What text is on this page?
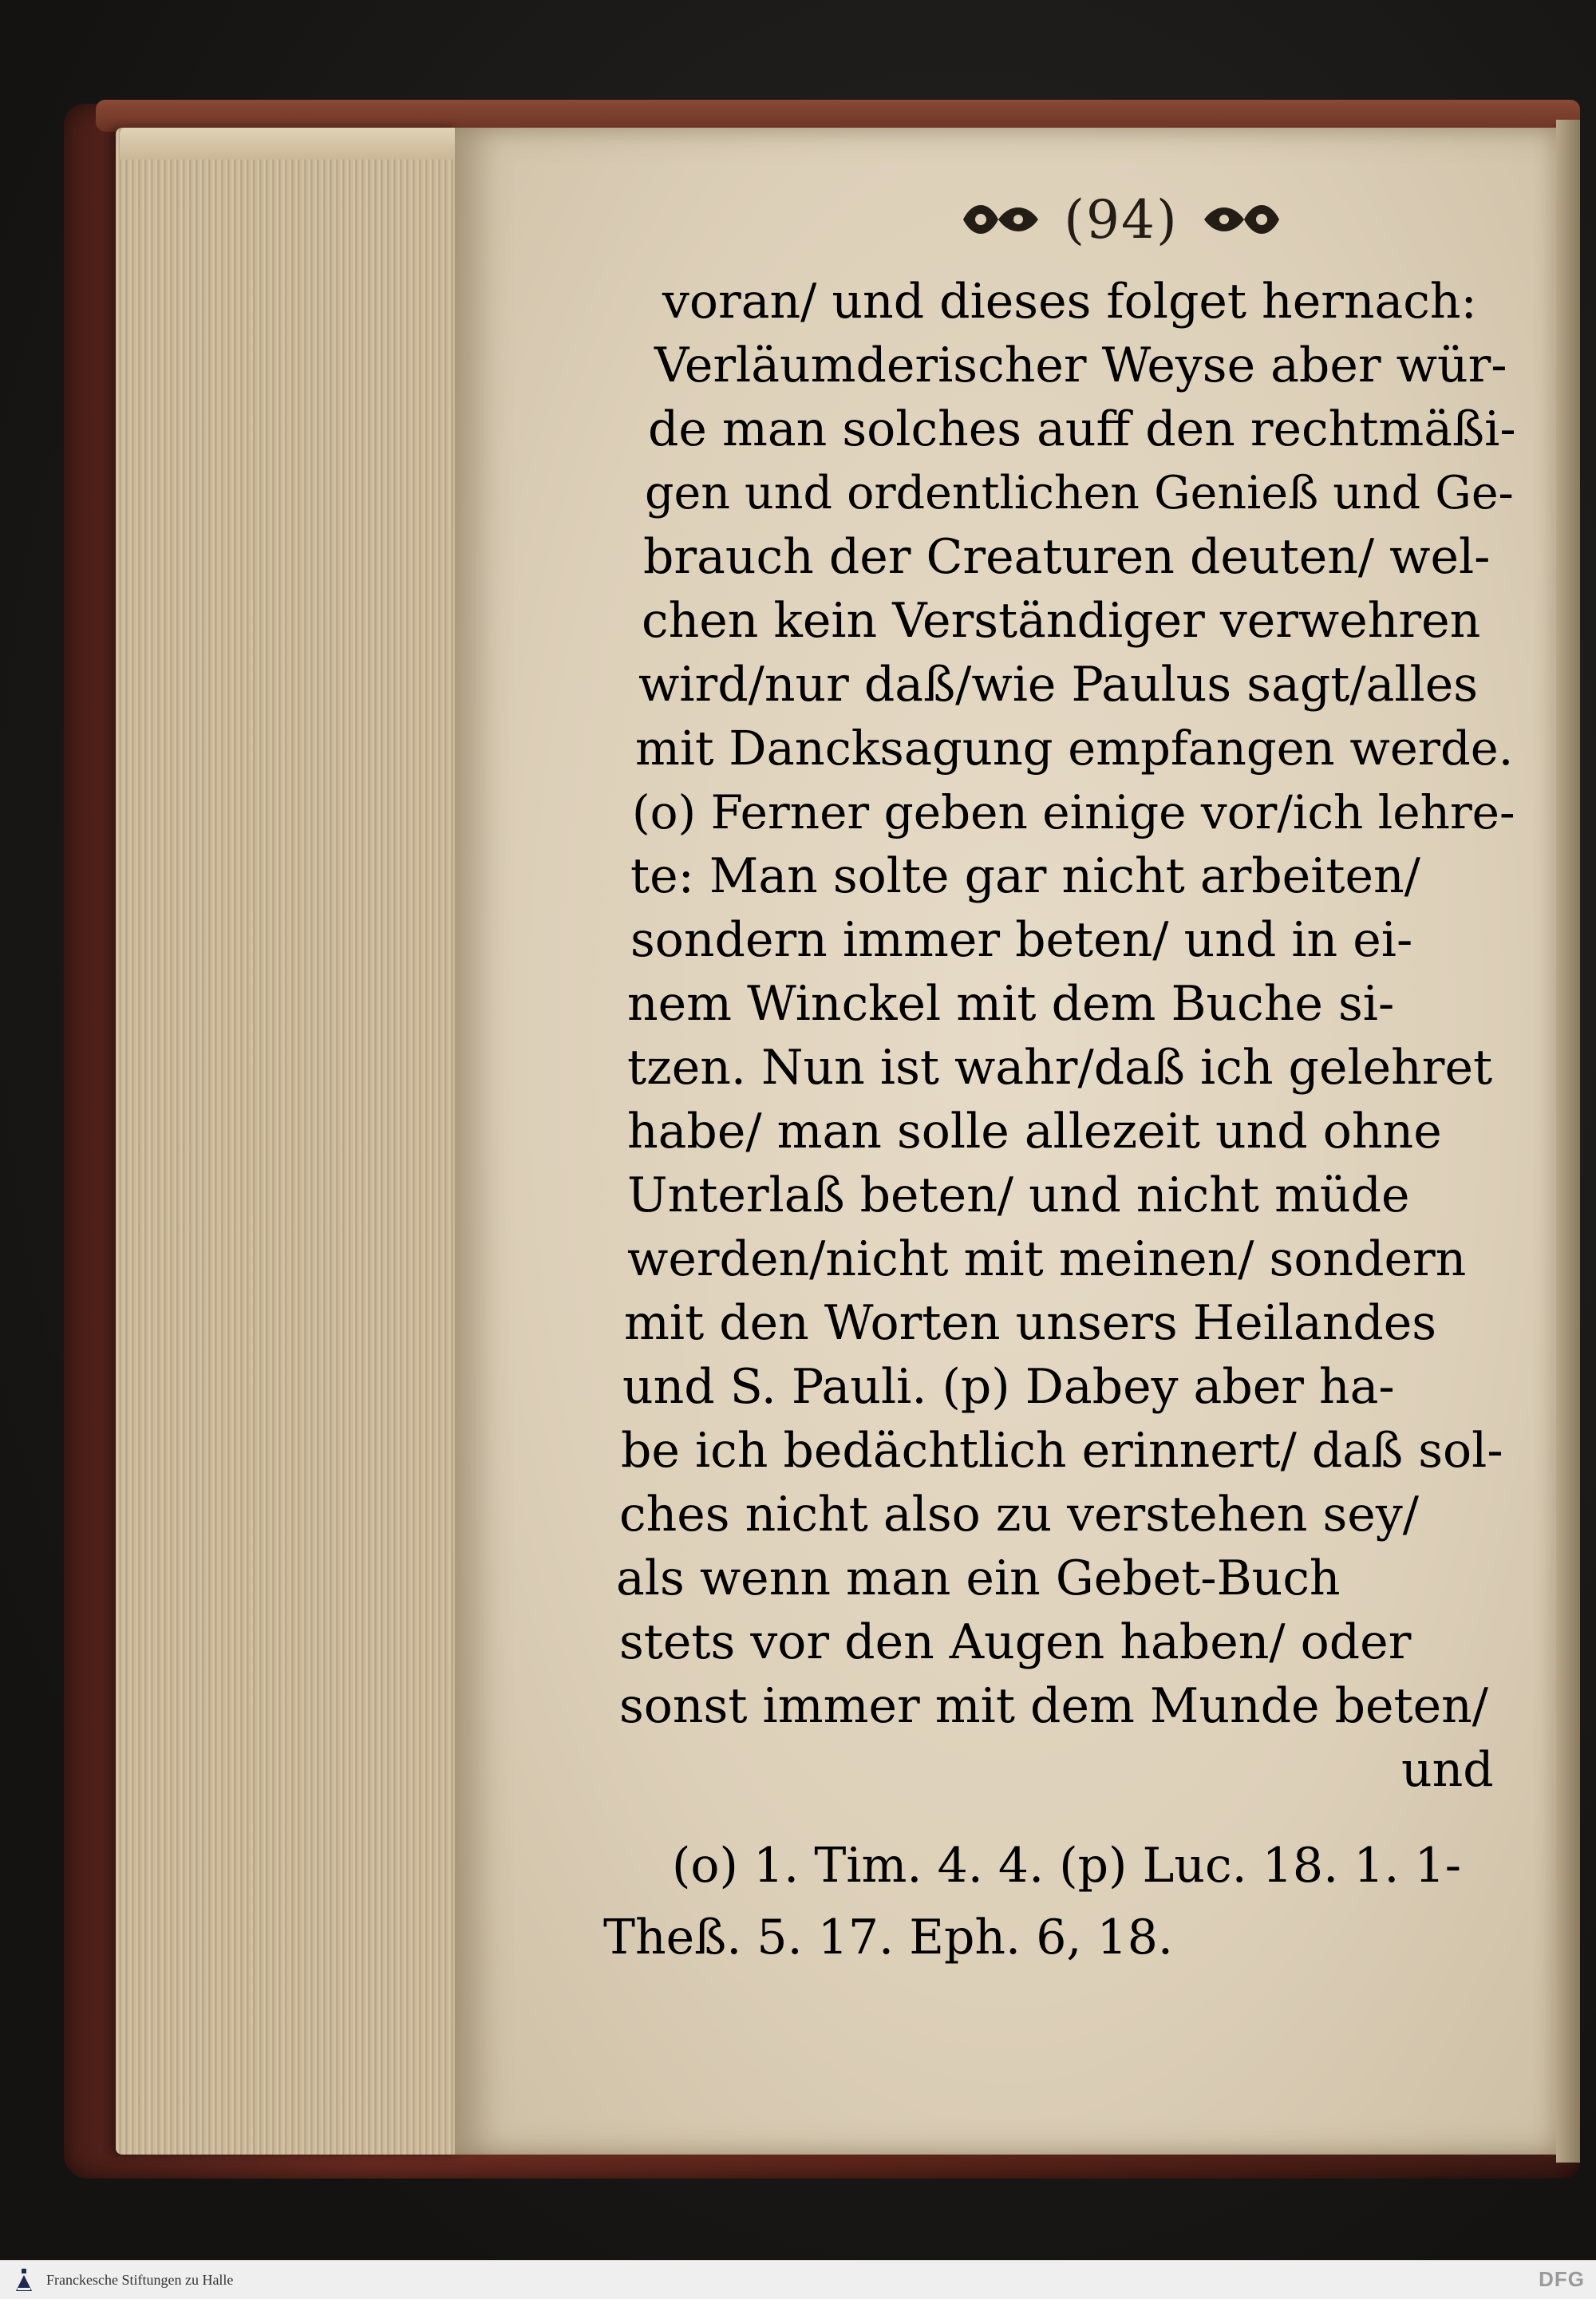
(94)
voran/ und dieses folget hernach:
Verläumderischer Weyse aber wür-
de man solches auff den rechtmäßi-
gen und ordentlichen Genieß und Ge-
brauch der Creaturen deuten/ wel-
chen kein Verständiger verwehren
wird/nur daß/wie Paulus sagt/alles
mit Dancksagung empfangen werde.
(o) Ferner geben einige vor/ich lehre-
te: Man solte gar nicht arbeiten/
sondern immer beten/ und in ei-
nem Winckel mit dem Buche si-
tzen. Nun ist wahr/daß ich gelehret
habe/ man solle allezeit und ohne
Unterlaß beten/ und nicht müde
werden/nicht mit meinen/ sondern
mit den Worten unsers Heilandes
und S. Pauli. (p) Dabey aber ha-
be ich bedächtlich erinnert/ daß sol-
ches nicht also zu verstehen sey/
als wenn man ein Gebet-Buch
stets vor den Augen haben/ oder
sonst immer mit dem Munde beten/
und
(o) 1. Tim. 4. 4. (p) Luc. 18. 1. 1-
Theß. 5. 17. Eph. 6, 18.
Franckesche Stiftungen zu Halle	DFG
